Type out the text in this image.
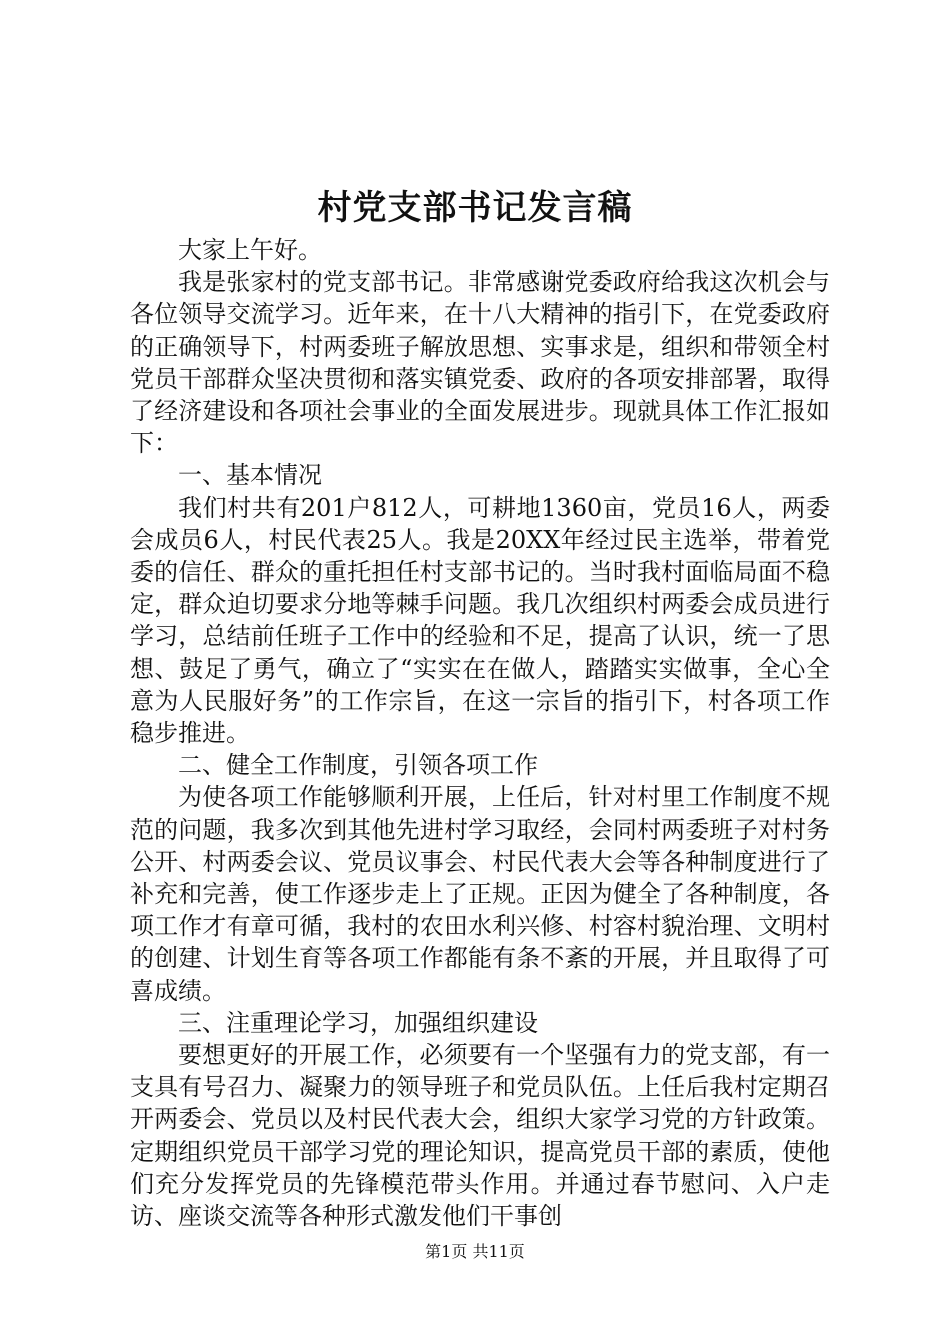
村党支部书记发言稿

大家上午好。

我是张家村的党支部书记。非常感谢党委政府给我这次机会与各位领导交流学习。近年来，在十八大精神的指引下，在党委政府的正确领导下，村两委班子解放思想、实事求是，组织和带领全村党员干部群众坚决贯彻和落实镇党委、政府的各项安排部署，取得了经济建设和各项社会事业的全面发展进步。现就具体工作汇报如下：

一、基本情况

我们村共有201户812人，可耕地1360亩，党员16人，两委会成员6人，村民代表25人。我是20XX年经过民主选举，带着党委的信任、群众的重托担任村支部书记的。当时我村面临局面不稳定，群众迫切要求分地等棘手问题。我几次组织村两委会成员进行学习，总结前任班子工作中的经验和不足，提高了认识，统一了思想、鼓足了勇气，确立了“实实在在做人，踏踏实实做事，全心全意为人民服好务”的工作宗旨，在这一宗旨的指引下，村各项工作稳步推进。

二、健全工作制度，引领各项工作

为使各项工作能够顺利开展，上任后，针对村里工作制度不规范的问题，我多次到其他先进村学习取经，会同村两委班子对村务公开、村两委会议、党员议事会、村民代表大会等各种制度进行了补充和完善，使工作逐步走上了正规。正因为健全了各种制度，各项工作才有章可循，我村的农田水利兴修、村容村貌治理、文明村的创建、计划生育等各项工作都能有条不紊的开展，并且取得了可喜成绩。

三、注重理论学习，加强组织建设

要想更好的开展工作，必须要有一个坚强有力的党支部，有一支具有号召力、凝聚力的领导班子和党员队伍。上任后我村定期召开两委会、党员以及村民代表大会，组织大家学习党的方针政策。定期组织党员干部学习党的理论知识，提高党员干部的素质，使他们充分发挥党员的先锋模范带头作用。并通过春节慰问、入户走访、座谈交流等各种形式激发他们干事创

第1页 共11页
